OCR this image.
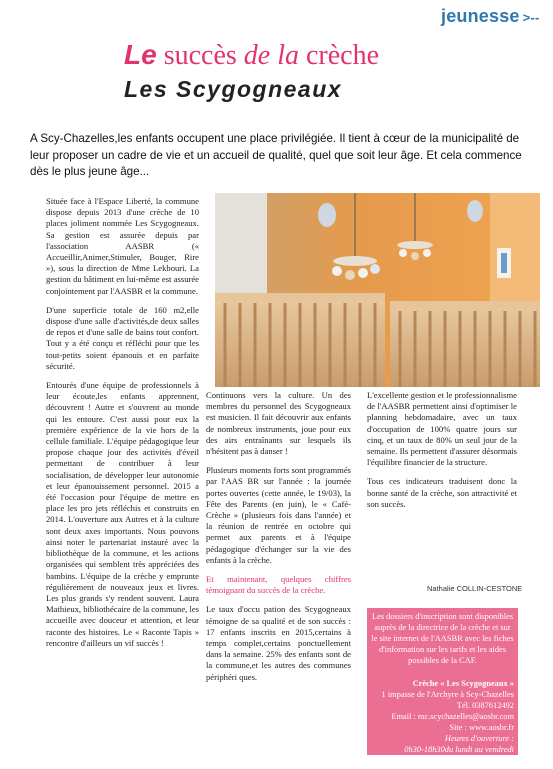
jeunesse >--
Le succès de la crèche
Les Scygogneaux
A Scy-Chazelles,les enfants occupent une place privilégiée. Il tient à cœur de la municipalité de leur proposer un cadre de vie et un accueil de qualité, quel que soit leur âge. Et cela commence dès le plus jeune âge...

Située face à l'Espace Liberté, la commune dispose depuis 2013 d'une crèche de 10 places joliment nommée Les Scygogneaux. Sa gestion est assurée depuis par l'association AASBR (« Accueillir,Animer,Stimuler, Bouger, Rire »), sous la direction de Mme Lekbouri. La gestion du bâtiment en lui-même est assurée conjointement par l'AASBR et la commune.

D'une superficie totale de 160 m2,elle dispose d'une salle d'activités,de deux salles de repos et d'une salle de bains tout confort. Tout y a été conçu et réfléchi pour que les tout-petits soient épanouis et en parfaite sécurité.

Entourés d'une équipe de professionnels à leur écoute,les enfants apprennent, découvrent ! Autre et s'ouvrent au monde qui les entoure. C'est aussi pour eux la première expérience de la vie hors de la cellule familiale. L'équipe pédagogique leur propose chaque jour des activités d'éveil permettant de contribuer à leur socialisation, de développer leur autonomie et leur épanouissement personnel. 2015 a été l'occasion pour l'équipe de mettre en place les pro jets réfléchis et construits en 2014. L'ouverture aux Autres et à la culture sont deux axes importants. Nous pouvons ainsi noter le partenariat instauré avec la bibliothèque de la commune, et les actions organisées qui semblent très appréciées des bambins. L'équipe de la crèche y emprunte régulièrement de nouveaux jeux et livres. Les plus grands s'y rendent souvent. Laura Mathieux, bibliothécaire de la commune, les accueille avec douceur et attention, et leur raconte des histoires. Le « Raconte Tapis » rencontre d'ailleurs un vif succès !

Continuons vers la culture. Un des membres du personnel des Scygogneaux est musicien. Il fait découvrir aux enfants de nombreux instruments, joue pour eux des airs entraînants sur lesquels ils n'hésitent pas à danser !

Plusieurs moments forts sont programmés par l'AAS BR sur l'année : la journée portes ouvertes (cette année, le 19/03), la Fête des Parents (en juin), le « Café-Crèche » (plusieurs fois dans l'année) et la réunion de rentrée en octobre qui permet aux parents et à l'équipe pédagogique d'échanger sur la vie des enfants à la crèche.

Et maintenant, quelques chiffres témoignant du succès de la crèche.

Le taux d'occu pation des Scygogneaux témoigne de sa qualité et de son succès : 17 enfants inscrits en 2015,certains à temps complet,certains ponctuellement dans la semaine. 25% des enfants sont de la commune,et les autres des communes périphéri ques.

L'excellente gestion et le professionnalisme de l'AASBR permettent ainsi d'optimiser le planning hebdomadaire, avec un taux d'occupation de 100% quatre jours sur cinq, et un taux de 80% un seul jour de la semaine. Ils permettent d'assurer désormais l'équilibre financier de la structure.

Tous ces indicateurs traduisent donc la bonne santé de la crèche, son attractivité et son succès.

Nathalie COLLIN-CESTONE
Les dossiers d'inscription sont disponibles auprès de la directrice de la crèche et sur le site internet de l'AASBR avec les fiches d'information sur les tarifs et les aides possibles de la CAF.
Crèche « Les Scygogneaux »
1 impasse de l'Archyre à Scy-Chazelles
Tél. 0387612492
Email : mc.scychazelles@aosbr.com
Site : www.aosbr.fr
Heures d'ouverture :
0h30-18h30du lundi au vendredi
